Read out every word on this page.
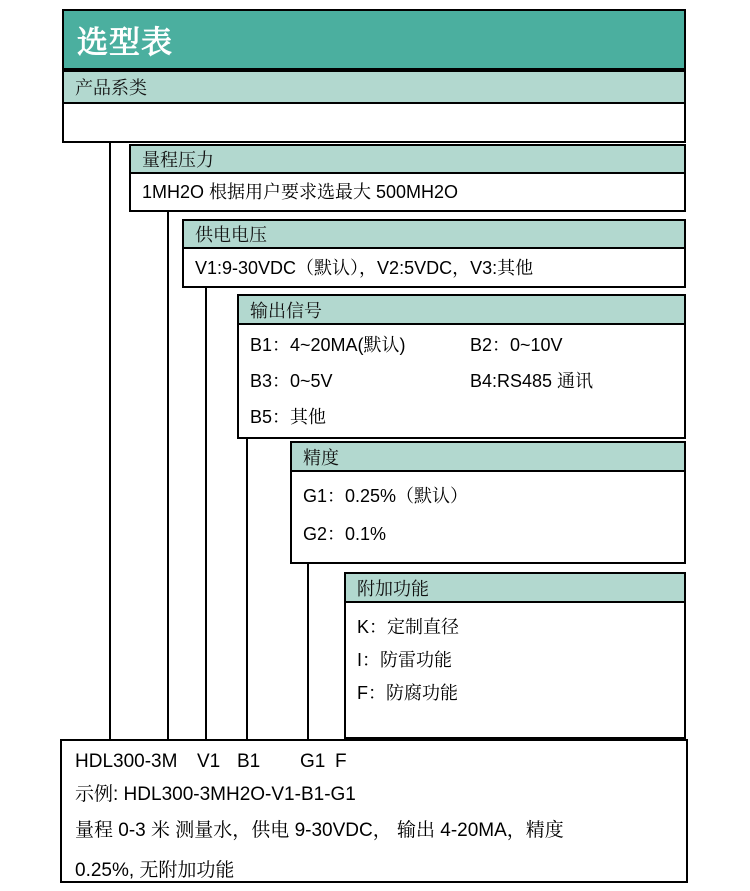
选型表
产品系类
量程压力
1MH2O 根据用户要求选最大 500MH2O
供电电压
V1:9-30VDC（默认），V2:5VDC，V3:其他
输出信号
B1：4~20MA(默认)	B2：0~10V
B3：0~5V	B4:RS485 通讯
B5：其他
精度
G1：0.25%（默认）
G2：0.1%
附加功能
K：定制直径
I：防雷功能
F：防腐功能
HDL300-3M V1 B1 G1 F
示例: HDL300-3MH2O-V1-B1-G1
量程 0-3 米 测量水，供电 9-30VDC， 输出 4-20MA，精度
0.25%, 无附加功能
